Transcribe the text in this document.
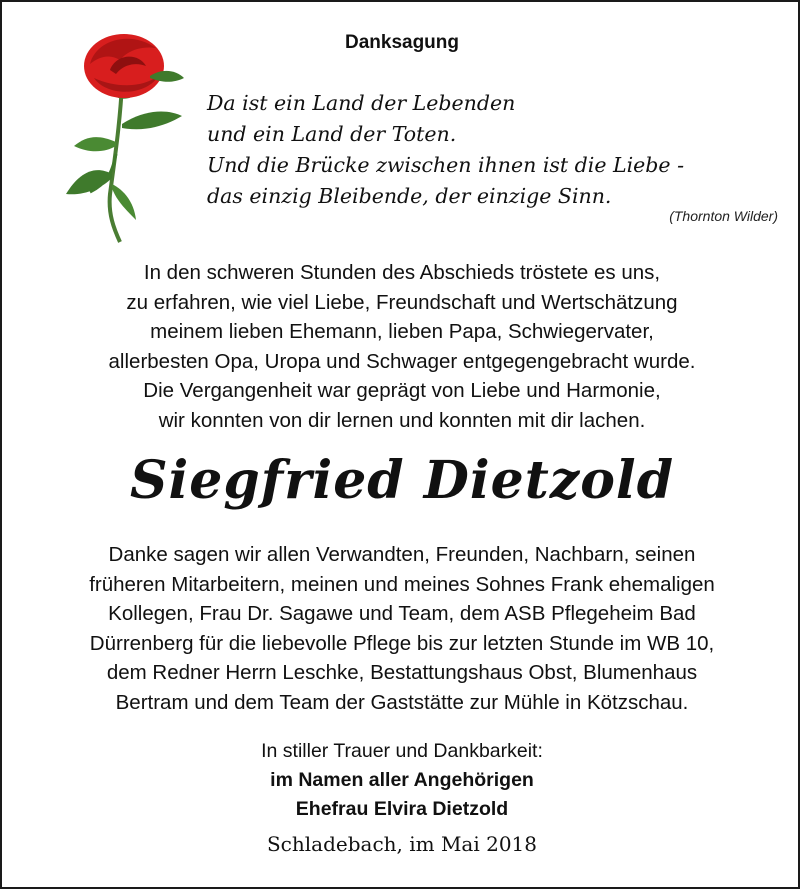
Danksagung
Da ist ein Land der Lebenden
und ein Land der Toten.
Und die Brücke zwischen ihnen ist die Liebe -
das einzig Bleibende, der einzige Sinn.
(Thornton Wilder)
In den schweren Stunden des Abschieds tröstete es uns,
zu erfahren, wie viel Liebe, Freundschaft und Wertschätzung
meinem lieben Ehemann, lieben Papa, Schwiegervater,
allerbesten Opa, Uropa und Schwager entgegengebracht wurde.
Die Vergangenheit war geprägt von Liebe und Harmonie,
wir konnten von dir lernen und konnten mit dir lachen.
Siegfried Dietzold
Danke sagen wir allen Verwandten, Freunden, Nachbarn, seinen
früheren Mitarbeitern, meinen und meines Sohnes Frank ehemaligen
Kollegen, Frau Dr. Sagawe und Team, dem ASB Pflegeheim Bad
Dürrenberg für die liebevolle Pflege bis zur letzten Stunde im WB 10,
dem Redner Herrn Leschke, Bestattungshaus Obst, Blumenhaus
Bertram und dem Team der Gaststätte zur Mühle in Kötzschau.
In stiller Trauer und Dankbarkeit:
im Namen aller Angehörigen
Ehefrau Elvira Dietzold
Schladebach, im Mai 2018
